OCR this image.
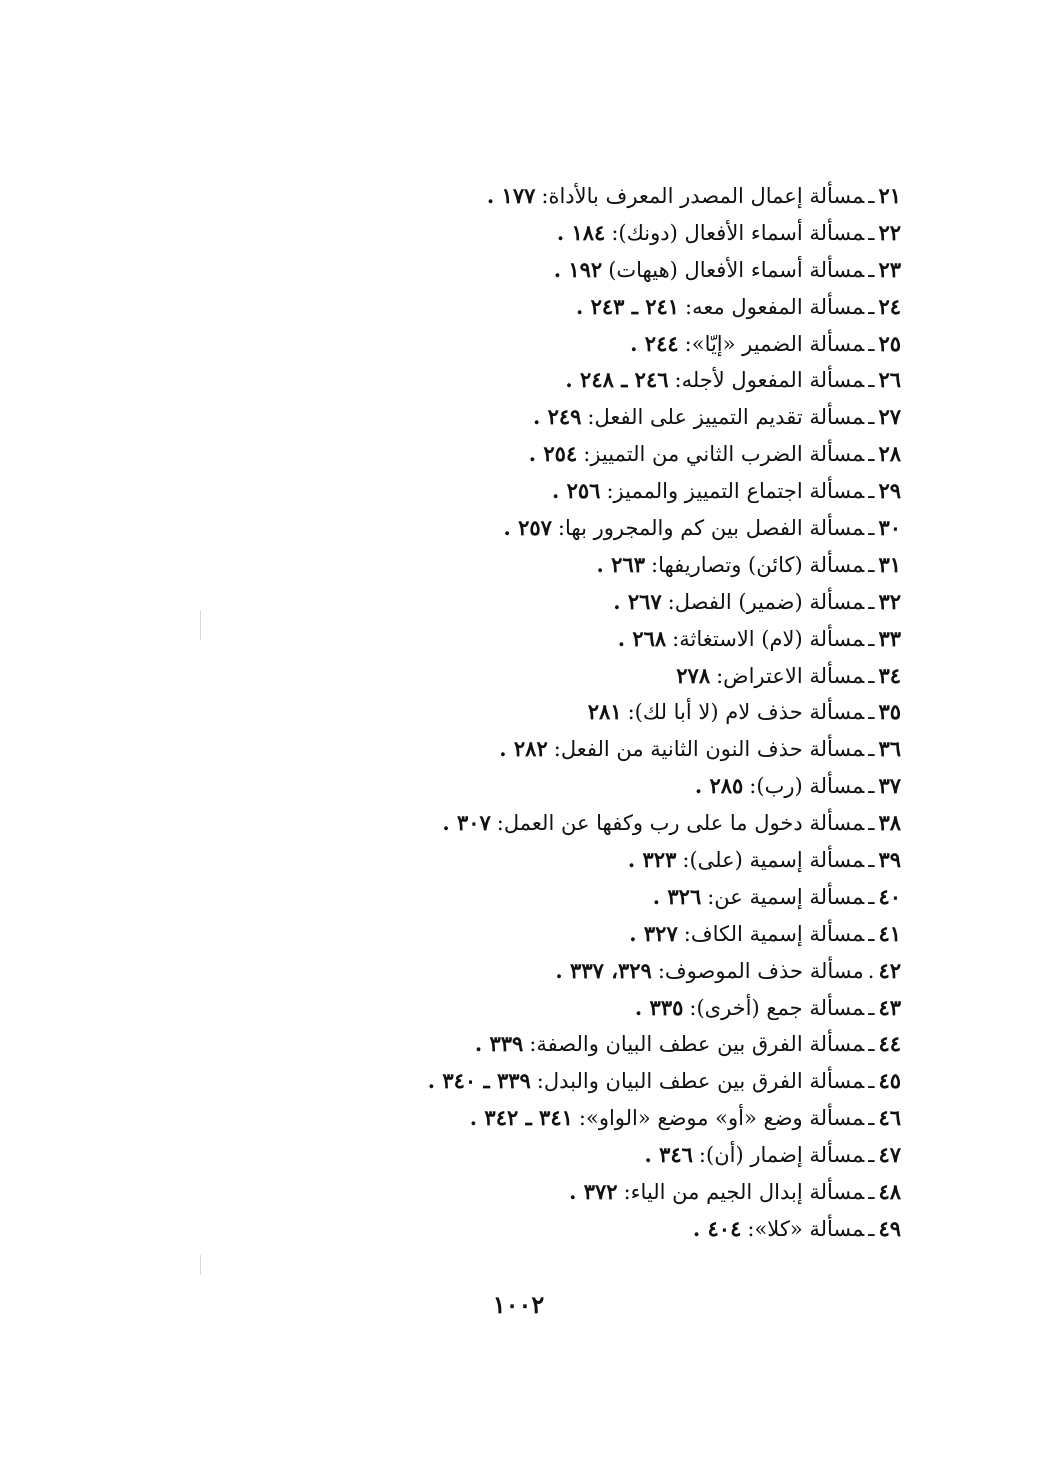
٢١ـمسألة إعمال المصدر المعرف بالأداة:١٧٧ .
٢٢ـمسألة أسماء الأفعال (دونك):١٨٤ .
٢٣ـمسألة أسماء الأفعال (هيهات)١٩٢ .
٢٤ـمسألة المفعول معه:٢٤١ ـ ٢٤٣ .
٢٥ـمسألة الضمير «إيّا»:٢٤٤ .
٢٦ـمسألة المفعول لأجله:٢٤٦ ـ ٢٤٨ .
٢٧ـمسألة تقديم التمييز على الفعل:٢٤٩ .
٢٨ـمسألة الضرب الثاني من التمييز:٢٥٤ .
٢٩ـمسألة اجتماع التمييز والمميز:٢٥٦ .
٣٠ـمسألة الفصل بين كم والمجرور بها:٢٥٧ .
٣١ـمسألة (كائن) وتصاريفها:٢٦٣ .
٣٢ـمسألة (ضمير) الفصل:٢٦٧ .
٣٣ـمسألة (لام) الاستغاثة:٢٦٨ .
٣٤ـمسألة الاعتراض:٢٧٨
٣٥ـمسألة حذف لام (لا أبا لك):٢٨١
٣٦ـمسألة حذف النون الثانية من الفعل:٢٨٢ .
٣٧ـمسألة (رب):٢٨٥ .
٣٨ـمسألة دخول ما على رب وكفها عن العمل:٣٠٧ .
٣٩ـمسألة إسمية (على):٣٢٣ .
٤٠ـمسألة إسمية عن:٣٢٦ .
٤١ـمسألة إسمية الكاف:٣٢٧ .
٤٢.مسألة حذف الموصوف:٣٢٩، ٣٣٧ .
٤٣ـمسألة جمع (أخرى):٣٣٥ .
٤٤ـمسألة الفرق بين عطف البيان والصفة:٣٣٩ .
٤٥ـمسألة الفرق بين عطف البيان والبدل:٣٣٩ ـ ٣٤٠ .
٤٦ـمسألة وضع «أو» موضع «الواو»:٣٤١ ـ ٣٤٢ .
٤٧ـمسألة إضمار (أن):٣٤٦ .
٤٨ـمسألة إبدال الجيم من الياء:٣٧٢ .
٤٩ـمسألة «كلا»:٤٠٤ .
١٠٠٢
